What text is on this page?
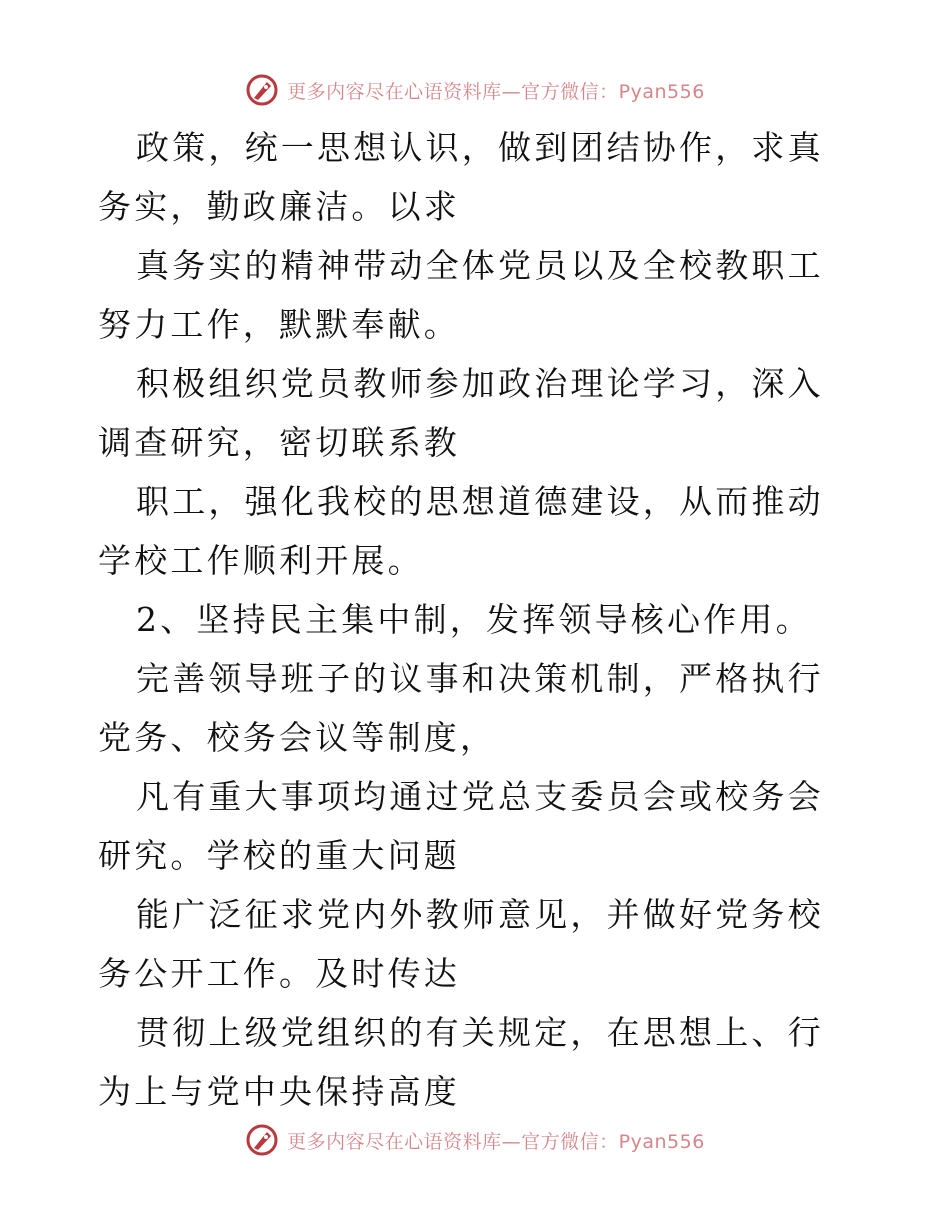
更多内容尽在心语资料库—官方微信：Pyan556

政策，统一思想认识，做到团结协作，求真务实，勤政廉洁。以求

真务实的精神带动全体党员以及全校教职工努力工作，默默奉献。

积极组织党员教师参加政治理论学习，深入调查研究，密切联系教

职工，强化我校的思想道德建设，从而推动学校工作顺利开展。

2、坚持民主集中制，发挥领导核心作用。

完善领导班子的议事和决策机制，严格执行党务、校务会议等制度，

凡有重大事项均通过党总支委员会或校务会研究。学校的重大问题

能广泛征求党内外教师意见，并做好党务校务公开工作。及时传达

贯彻上级党组织的有关规定，在思想上、行为上与党中央保持高度

更多内容尽在心语资料库—官方微信：Pyan556
